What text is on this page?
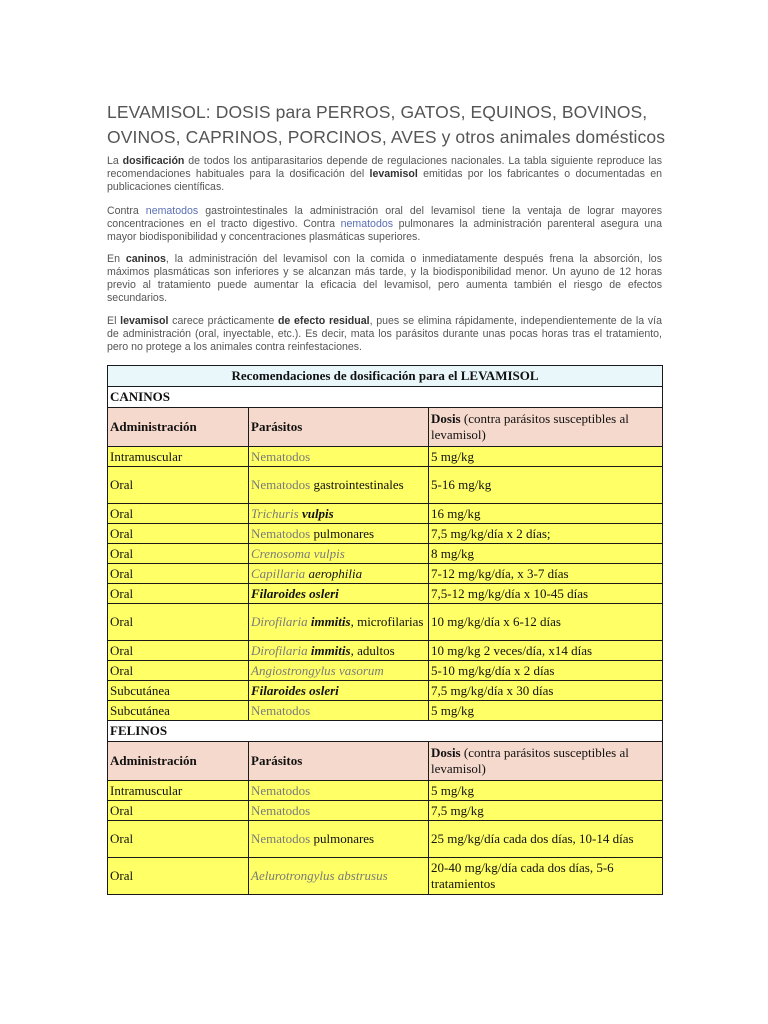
LEVAMISOL: DOSIS para PERROS, GATOS, EQUINOS, BOVINOS,
OVINOS, CAPRINOS, PORCINOS, AVES y otros animales domésticos

La dosificación de todos los antiparasitarios depende de regulaciones nacionales. La tabla siguiente reproduce las recomendaciones habituales para la dosificación del levamisol emitidas por los fabricantes o documentadas en publicaciones científicas.

Contra nematodos gastrointestinales la administración oral del levamisol tiene la ventaja de lograr mayores concentraciones en el tracto digestivo. Contra nematodos pulmonares la administración parenteral asegura una mayor biodisponibilidad y concentraciones plasmáticas superiores.

En caninos, la administración del levamisol con la comida o inmediatamente después frena la absorción, los máximos plasmáticas son inferiores y se alcanzan más tarde, y la biodisponibilidad menor. Un ayuno de 12 horas previo al tratamiento puede aumentar la eficacia del levamisol, pero aumenta también el riesgo de efectos secundarios.

El levamisol carece prácticamente de efecto residual, pues se elimina rápidamente, independientemente de la vía de administración (oral, inyectable, etc.). Es decir, mata los parásitos durante unas pocas horas tras el tratamiento, pero no protege a los animales contra reinfestaciones.

Recomendaciones de dosificación para el LEVAMISOL		
CANINOS		
Administración	Parásitos	Dosis (contra parásitos susceptibles al levamisol)
Intramuscular	Nematodos	5 mg/kg
Oral	Nematodos gastrointestinales	5-16 mg/kg
Oral	Trichuris vulpis	16 mg/kg
Oral	Nematodos pulmonares	7,5 mg/kg/día x 2 días;
Oral	Crenosoma vulpis	8 mg/kg
Oral	Capillaria aerophilia	7-12 mg/kg/día, x 3-7 días
Oral	Filaroides osleri	7,5-12 mg/kg/día x 10-45 días
Oral	Dirofilaria immitis, microfilarias	10 mg/kg/día x 6-12 días
Oral	Dirofilaria immitis, adultos	10 mg/kg 2 veces/día, x14 días
Oral	Angiostrongylus vasorum	5-10 mg/kg/día x 2 días
Subcutánea	Filaroides osleri	7,5 mg/kg/día x 30 días
Subcutánea	Nematodos	5 mg/kg
FELINOS		
Administración	Parásitos	Dosis (contra parásitos susceptibles al levamisol)
Intramuscular	Nematodos	5 mg/kg
Oral	Nematodos	7,5 mg/kg
Oral	Nematodos pulmonares	25 mg/kg/día cada dos días, 10-14 días
Oral	Aelurotrongylus abstrusus	20-40 mg/kg/día cada dos días, 5-6 tratamientos
